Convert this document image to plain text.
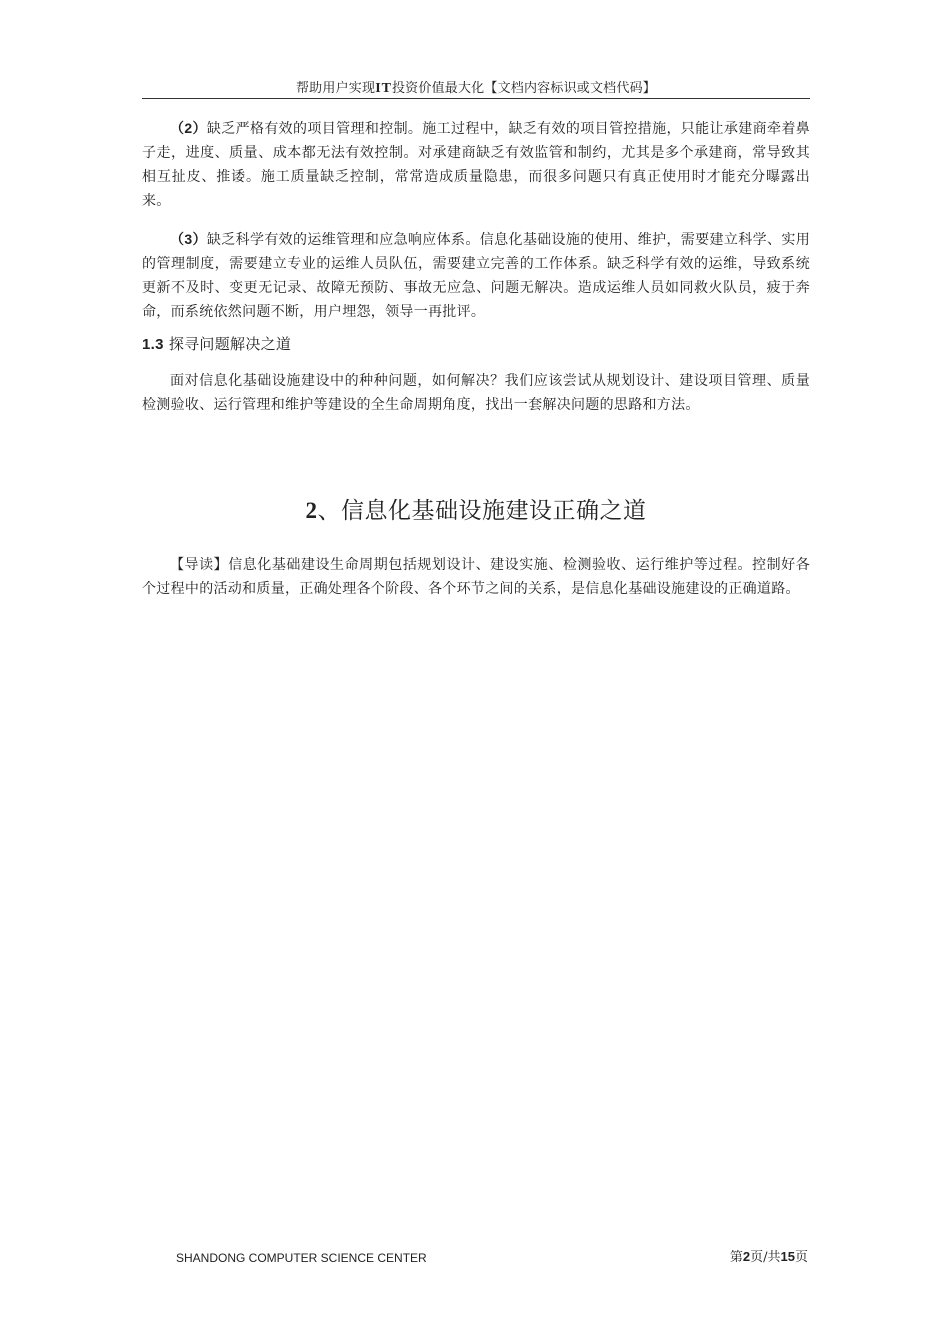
帮助用户实现IT投资价值最大化【文档内容标识或文档代码】

（2）缺乏严格有效的项目管理和控制。施工过程中，缺乏有效的项目管控措施，只能让承建商牵着鼻子走，进度、质量、成本都无法有效控制。对承建商缺乏有效监管和制约，尤其是多个承建商，常导致其相互扯皮、推诿。施工质量缺乏控制，常常造成质量隐患，而很多问题只有真正使用时才能充分曝露出来。

（3）缺乏科学有效的运维管理和应急响应体系。信息化基础设施的使用、维护，需要建立科学、实用的管理制度，需要建立专业的运维人员队伍，需要建立完善的工作体系。缺乏科学有效的运维，导致系统更新不及时、变更无记录、故障无预防、事故无应急、问题无解决。造成运维人员如同救火队员，疲于奔命，而系统依然问题不断，用户埋怨，领导一再批评。

1.3 探寻问题解决之道

面对信息化基础设施建设中的种种问题，如何解决？我们应该尝试从规划设计、建设项目管理、质量检测验收、运行管理和维护等建设的全生命周期角度，找出一套解决问题的思路和方法。

2、信息化基础设施建设正确之道

【导读】信息化基础建设生命周期包括规划设计、建设实施、检测验收、运行维护等过程。控制好各个过程中的活动和质量，正确处理各个阶段、各个环节之间的关系，是信息化基础设施建设的正确道路。

SHANDONG COMPUTER SCIENCE CENTER	第2页/共15页
